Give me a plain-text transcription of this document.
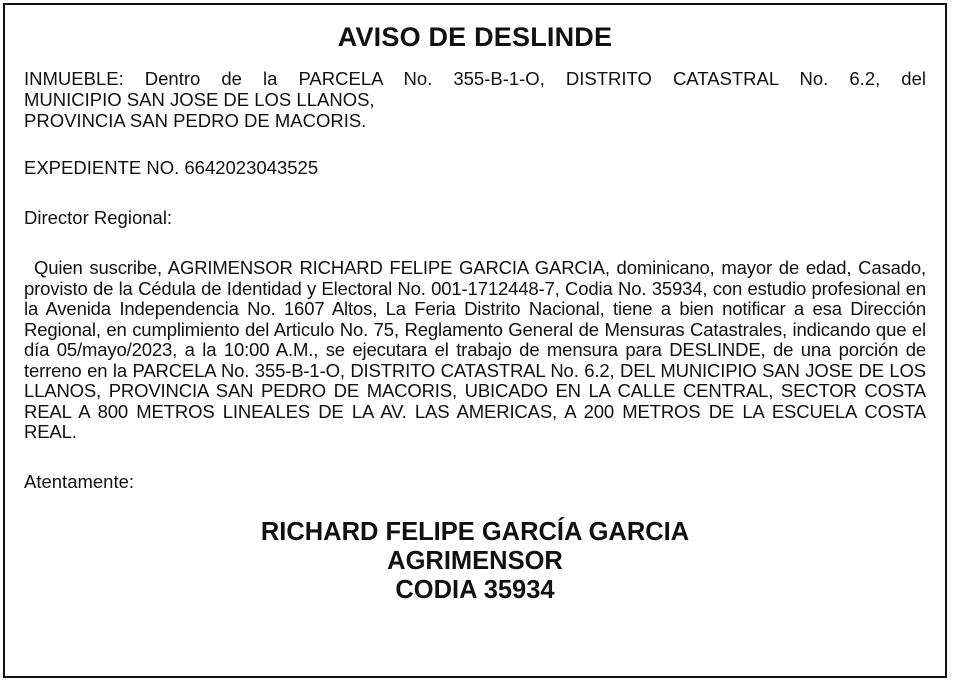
AVISO DE DESLINDE

INMUEBLE: Dentro de la PARCELA No. 355-B-1-O, DISTRITO CATASTRAL No. 6.2, del
MUNICIPIO SAN JOSE DE LOS LLANOS,
PROVINCIA SAN PEDRO DE MACORIS.

EXPEDIENTE NO. 6642023043525

Director Regional:

Quien suscribe, AGRIMENSOR RICHARD FELIPE GARCIA GARCIA, dominicano, mayor de edad, Casado, provisto de la Cédula de Identidad y Electoral No. 001-1712448-7, Codia No. 35934, con estudio profesional en la Avenida Independencia No. 1607 Altos, La Feria Distrito Nacional, tiene a bien notificar a esa Dirección Regional, en cumplimiento del Articulo No. 75, Reglamento General de Mensuras Catastrales, indicando que el día 05/mayo/2023, a la 10:00 A.M., se ejecutara el trabajo de mensura para DESLINDE, de una porción de terreno en la PARCELA No. 355-B-1-O, DISTRITO CATASTRAL No. 6.2, DEL MUNICIPIO SAN JOSE DE LOS LLANOS, PROVINCIA SAN PEDRO DE MACORIS, UBICADO EN LA CALLE CENTRAL, SECTOR COSTA REAL A 800 METROS LINEALES DE LA AV. LAS AMERICAS, A 200 METROS DE LA ESCUELA COSTA REAL.

Atentamente:

RICHARD FELIPE GARCÍA GARCIA
AGRIMENSOR
CODIA 35934
